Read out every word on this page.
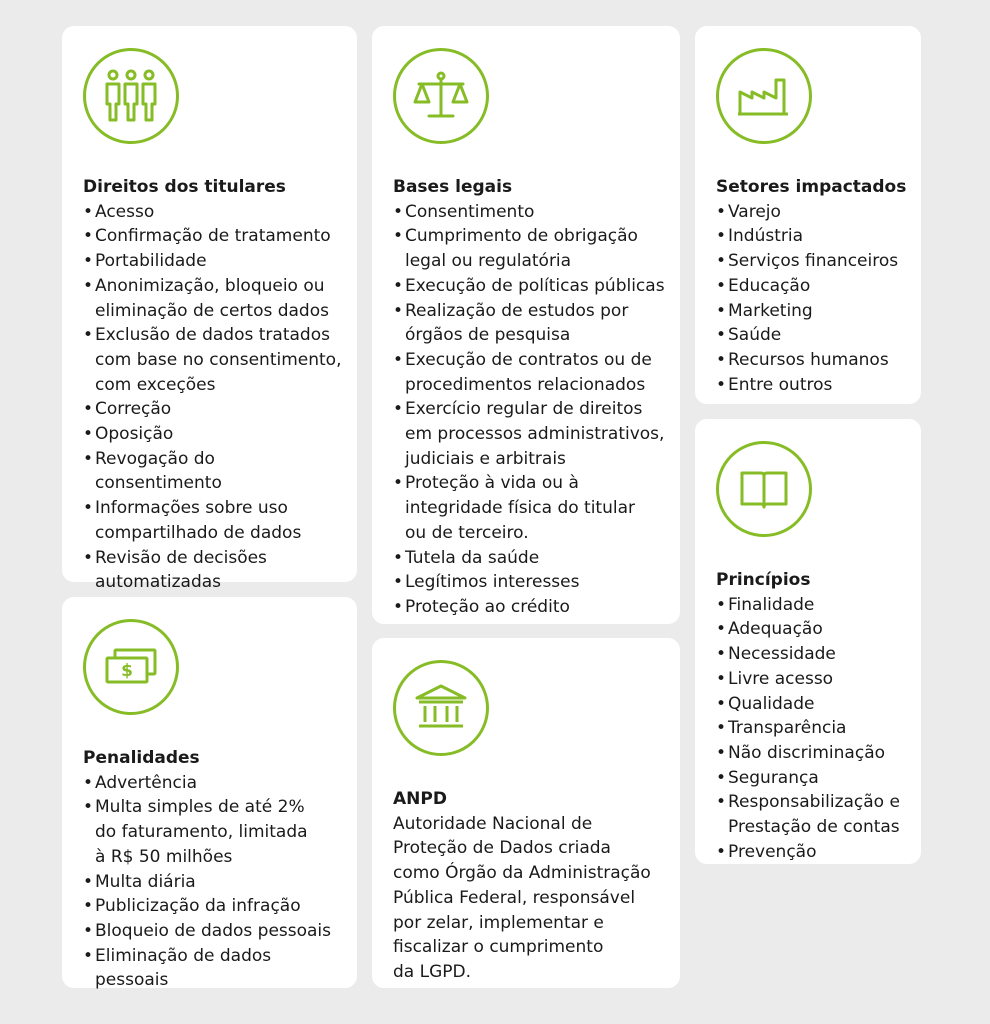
Direitos dos titulares
• Acesso
• Confirmação de tratamento
• Portabilidade
• Anonimização, bloqueio ou
eliminação de certos dados
• Exclusão de dados tratados
com base no consentimento,
com exceções
• Correção
• Oposição
• Revogação do consentimento
• Informações sobre uso
compartilhado de dados
• Revisão de decisões
automatizadas
Bases legais
• Consentimento
• Cumprimento de obrigação
legal ou regulatória
• Execução de políticas públicas
• Realização de estudos por
órgãos de pesquisa
• Execução de contratos ou de
procedimentos relacionados
• Exercício regular de direitos
em processos administrativos,
judiciais e arbitrais
• Proteção à vida ou à
integridade física do titular
ou de terceiro.
• Tutela da saúde
• Legítimos interesses
• Proteção ao crédito
Setores impactados
• Varejo
• Indústria
• Serviços financeiros
• Educação
• Marketing
• Saúde
• Recursos humanos
• Entre outros
$
Penalidades
• Advertência
• Multa simples de até 2%
do faturamento, limitada
à R$ 50 milhões
• Multa diária
• Publicização da infração
• Bloqueio de dados pessoais
• Eliminação de dados
pessoais
ANPD
Autoridade Nacional de
Proteção de Dados criada
como Órgão da Administração
Pública Federal, responsável
por zelar, implementar e
fiscalizar o cumprimento
da LGPD.
Princípios
• Finalidade
• Adequação
• Necessidade
• Livre acesso
• Qualidade
• Transparência
• Não discriminação
• Segurança
• Responsabilização e
Prestação de contas
• Prevenção
